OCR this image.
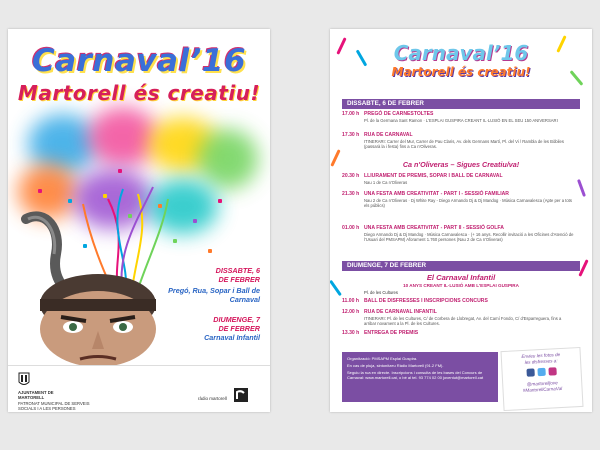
Carnaval’16
Martorell és creatiu!
DISSABTE, 6
DE FEBRER
Pregó, Rua, Sopar i Ball de Carnaval
DIUMENGE, 7
DE FEBRER
Carnaval Infantil
AJUNTAMENT DE MARTORELL
PATRONAT MUNICIPAL DE SERVEIS SOCIALS I A LES PERSONES
ràdio martorell
Carnaval’16
Martorell és creatiu!
DISSABTE, 6 DE FEBRER
17.00 h PREGÓ DE CARNESTOLTES
Pl. de la Germana Sant Ramon · L'ESPLAI GUSPIRA CREANT IL·LUSIÓ EN EL SEU 150 ANIVERSARI
17.30 h RUA DE CARNAVAL
ITINERARI: Carrer del Mur, Carrer de Pau Claris, Av. dels Germans Martí, Pl. del Vi / Rambla de les Bòbiles (passarà la i festa) fins a Ca n'Oliveras.
Ca n'Oliveras – Sigues Creatiu/va!
20.30 h LLIURAMENT DE PREMIS, SOPAR I BALL DE CARNAVAL
Nau 1 de Ca n'Oliveras
21.30 h UNA FESTA AMB CREATIVITAT - PART I - SESSIÓ FAMILIAR
Nau 2 de Ca n'Oliveras · Dj White Ray - Diego Armando Dj & Dj Mandog · Música Carnavalesca (Apte per a tots els públics)
01.00 h UNA FESTA AMB CREATIVITAT - PART II - SESSIÓ GOLFA
Diego Armando Dj & Dj Mandog · Música Carnavalesca · (+ 16 anys. Recollir invitació a les Oficines d'Atenció de l'Usuari del PMSAPM) Aforament 1.760 persones (Nau 2 de Ca n'Oliveras)
DIUMENGE, 7 DE FEBRER
El Carnaval Infantil
10 ANYS CREANT IL·LUSIÓ AMB L'ESPLAI GUSPIRA
Pl. de les Cultures
11.00 h BALL DE DISFRESSES I INSCRIPCIONS CONCURS
12.00 h RUA DE CARNAVAL INFANTIL
ITINERARI: Pl. de les Cultures, C/ de Corbera de Llobregat, Av. del Camí Fondo, C/ d'Esparreguera, fins a arribar novament a la Pl. de les Cultures.
13.30 h ENTREGA DE PREMIS
Organització: PMSAPM Esplai Guspira.
En cas de pluja, sintonitzeu Ràdio Martorell (91.2 FM).
Seguiu la rua en directe. Inscripcions i consulta de les bases del Concurs de Carnaval: www.martorell.cat, o bé al tel. 93 774 02 00 joventut@martorell.cat
Envieu les fotos de
les disfresses a:

@martorelljove
#MartorellCarnaVal
